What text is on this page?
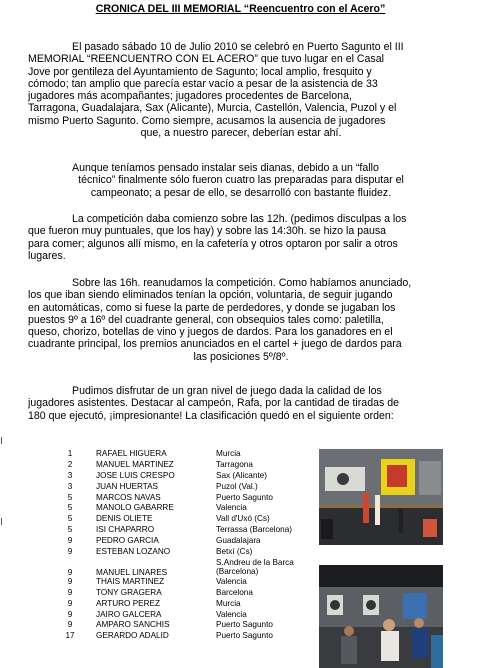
CRONICA DEL III MEMORIAL “Reencuentro con el Acero”
El pasado sábado 10 de Julio 2010 se celebró en Puerto Sagunto el III
MEMORIAL “REENCUENTRO CON EL ACERO” que tuvo lugar en el Casal
Jove por gentileza del Ayuntamiento de Sagunto; local amplio, fresquito y
cómodo; tan amplio que parecía estar vacío a pesar de la asistencia de 33
jugadores más acompañantes; jugadores procedentes de Barcelona,
Tarragona, Guadalajara, Sax (Alicante), Murcia, Castellón, Valencia, Puzol y el
mismo Puerto Sagunto. Como siempre, acusamos la ausencia de jugadores
que, a nuestro parecer, deberían estar ahí.
Aunque teníamos pensado instalar seis dianas, debido a un “fallo
técnico” finalmente sólo fueron cuatro las preparadas para disputar el
campeonato; a pesar de ello, se desarrolló con bastante fluidez.
La competición daba comienzo sobre las 12h. (pedimos disculpas a los
que fueron muy puntuales, que los hay) y sobre las 14:30h. se hizo la pausa
para comer; algunos allí mismo, en la cafetería y otros optaron por salir a otros
lugares.
Sobre las 16h. reanudamos la competición. Como habíamos anunciado,
los que iban siendo eliminados tenían la opción, voluntaria, de seguir jugando
en automáticas, como si fuese la parte de perdedores, y donde se jugaban los
puestos 9º a 16º del cuadrante general, con obsequios tales como: paletilla,
queso, chorizo, botellas de vino y juegos de dardos. Para los ganadores en el
cuadrante principal, los premios anunciados en el cartel + juego de dardos para
las posiciones 5º/8º.
Pudimos disfrutar de un gran nivel de juego dada la calidad de los
jugadores asistentes. Destacar al campeón, Rafa, por la cantidad de tiradas de
180 que ejecutó, ¡impresionante! La clasificación quedó en el siguiente orden:
1	RAFAEL HIGUERA	Murcia
2	MANUEL MARTINEZ	Tarragona
3	JOSE LUIS CRESPO	Sax (Alicante)
3	JUAN HUERTAS	Puzol (Val.)
5	MARCOS NAVAS	Puerto Sagunto
5	MANOLO GABARRE	Valencia
5	DENIS OLIETE	Vall d'Uxó (Cs)
5	ISI CHAPARRO	Terrassa (Barcelona)
9	PEDRO GARCIA	Guadalajara
9	ESTEBAN LOZANO	Betxí (Cs)
9	MANUEL LINARES	S.Andreu de la Barca
(Barcelona)
9	THAIS MARTINEZ	Valencia
9	TONY GRAGERA	Barcelona
9	ARTURO PEREZ	Murcia
9	JAIRO GALCERA	Valencia
9	AMPARO SANCHIS	Puerto Sagunto
17	GERARDO ADALID	Puerto Sagunto
